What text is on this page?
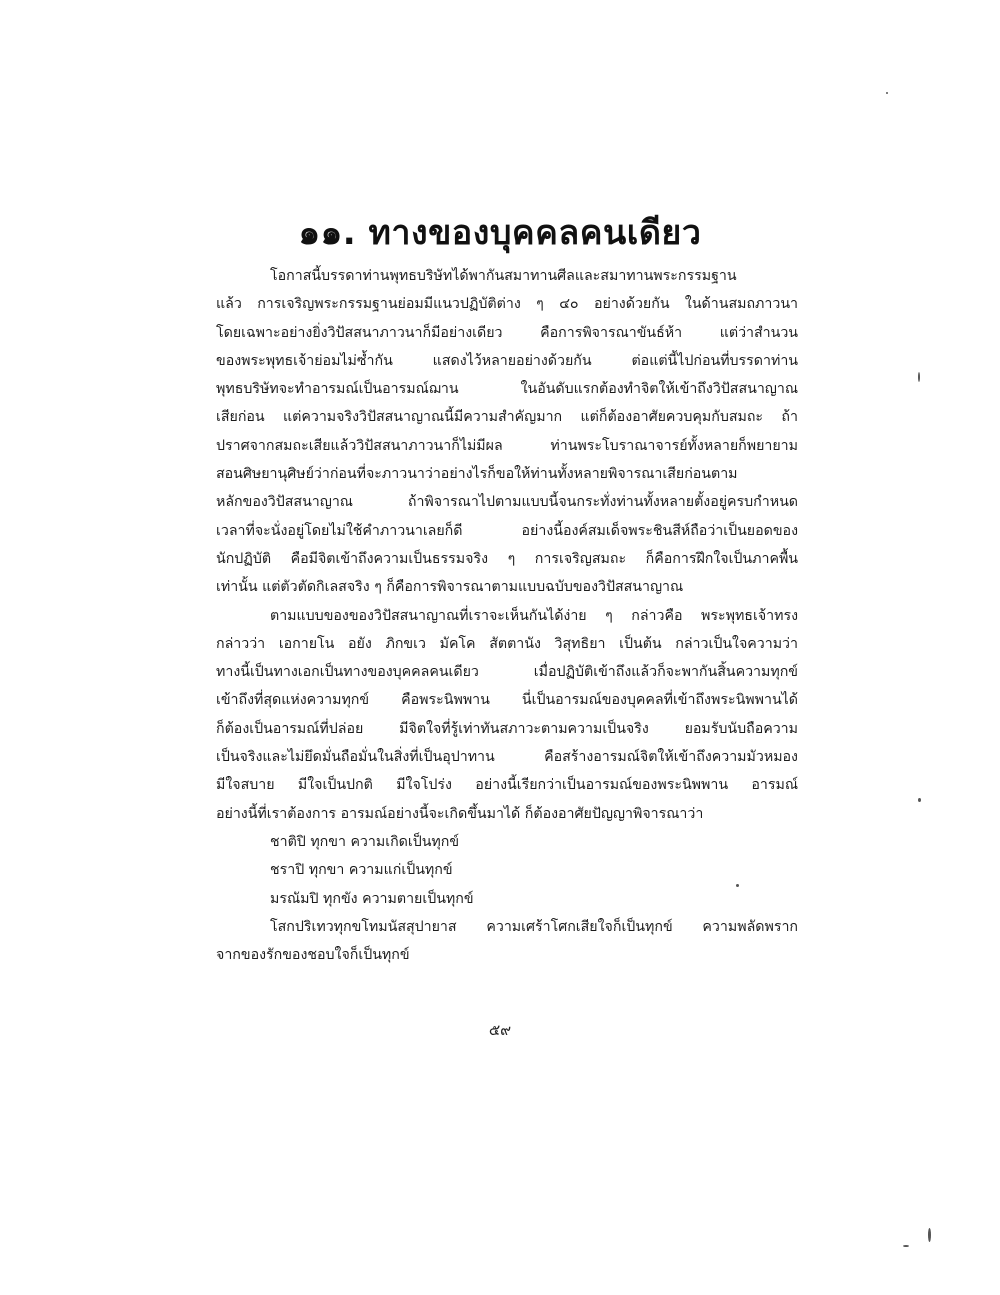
๑๑. ทางของบุคคลคนเดียว
โอกาสนี้บรรดาท่านพุทธบริษัทได้พากันสมาทานศีลและสมาทานพระกรรมฐาน
แล้ว การเจริญพระกรรมฐานย่อมมีแนวปฏิบัติต่าง ๆ ๔๐ อย่างด้วยกัน ในด้านสมถภาวนา
โดยเฉพาะอย่างยิ่งวิปัสสนาภาวนาก็มีอย่างเดียว คือการพิจารณาขันธ์ห้า แต่ว่าสำนวน
ของพระพุทธเจ้าย่อมไม่ซ้ำกัน แสดงไว้หลายอย่างด้วยกัน ต่อแต่นี้ไปก่อนที่บรรดาท่าน
พุทธบริษัทจะทำอารมณ์เป็นอารมณ์ฌาน ในอันดับแรกต้องทำจิตให้เข้าถึงวิปัสสนาญาณ
เสียก่อน แต่ความจริงวิปัสสนาญาณนี้มีความสำคัญมาก แต่ก็ต้องอาศัยควบคุมกับสมถะ ถ้า
ปราศจากสมถะเสียแล้ววิปัสสนาภาวนาก็ไม่มีผล ท่านพระโบราณาจารย์ทั้งหลายก็พยายาม
สอนศิษยานุศิษย์ว่าก่อนที่จะภาวนาว่าอย่างไรก็ขอให้ท่านทั้งหลายพิจารณาเสียก่อนตาม
หลักของวิปัสสนาญาณ ถ้าพิจารณาไปตามแบบนี้จนกระทั่งท่านทั้งหลายตั้งอยู่ครบกำหนด
เวลาที่จะนั่งอยู่โดยไม่ใช้คำภาวนาเลยก็ดี อย่างนี้องค์สมเด็จพระชินสีห์ถือว่าเป็นยอดของ
นักปฏิบัติ คือมีจิตเข้าถึงความเป็นธรรมจริง ๆ การเจริญสมถะ ก็คือการฝึกใจเป็นภาคพื้น
เท่านั้น แต่ตัวตัดกิเลสจริง ๆ ก็คือการพิจารณาตามแบบฉบับของวิปัสสนาญาณ
ตามแบบของของวิปัสสนาญาณที่เราจะเห็นกันได้ง่าย ๆ กล่าวคือ พระพุทธเจ้าทรง
กล่าวว่า เอกายโน อยัง ภิกขเว มัคโค สัตตานัง วิสุทธิยา เป็นต้น กล่าวเป็นใจความว่า
ทางนี้เป็นทางเอกเป็นทางของบุคคลคนเดียว เมื่อปฏิบัติเข้าถึงแล้วก็จะพากันสิ้นความทุกข์
เข้าถึงที่สุดแห่งความทุกข์ คือพระนิพพาน นี่เป็นอารมณ์ของบุคคลที่เข้าถึงพระนิพพานได้
ก็ต้องเป็นอารมณ์ที่ปล่อย มีจิตใจที่รู้เท่าทันสภาวะตามความเป็นจริง ยอมรับนับถือความ
เป็นจริงและไม่ยึดมั่นถือมั่นในสิ่งที่เป็นอุปาทาน คือสร้างอารมณ์จิตให้เข้าถึงความมัวหมอง
มีใจสบาย มีใจเป็นปกติ มีใจโปร่ง อย่างนี้เรียกว่าเป็นอารมณ์ของพระนิพพาน อารมณ์
อย่างนี้ที่เราต้องการ อารมณ์อย่างนี้จะเกิดขึ้นมาได้ ก็ต้องอาศัยปัญญาพิจารณาว่า
ชาติปิ ทุกขา ความเกิดเป็นทุกข์
ชราปิ ทุกขา ความแก่เป็นทุกข์
มรณัมปิ ทุกขัง ความตายเป็นทุกข์
โสกปริเทวทุกขโทมนัสสุปายาส ความเศร้าโศกเสียใจก็เป็นทุกข์ ความพลัดพราก
จากของรักของชอบใจก็เป็นทุกข์
๕๙
